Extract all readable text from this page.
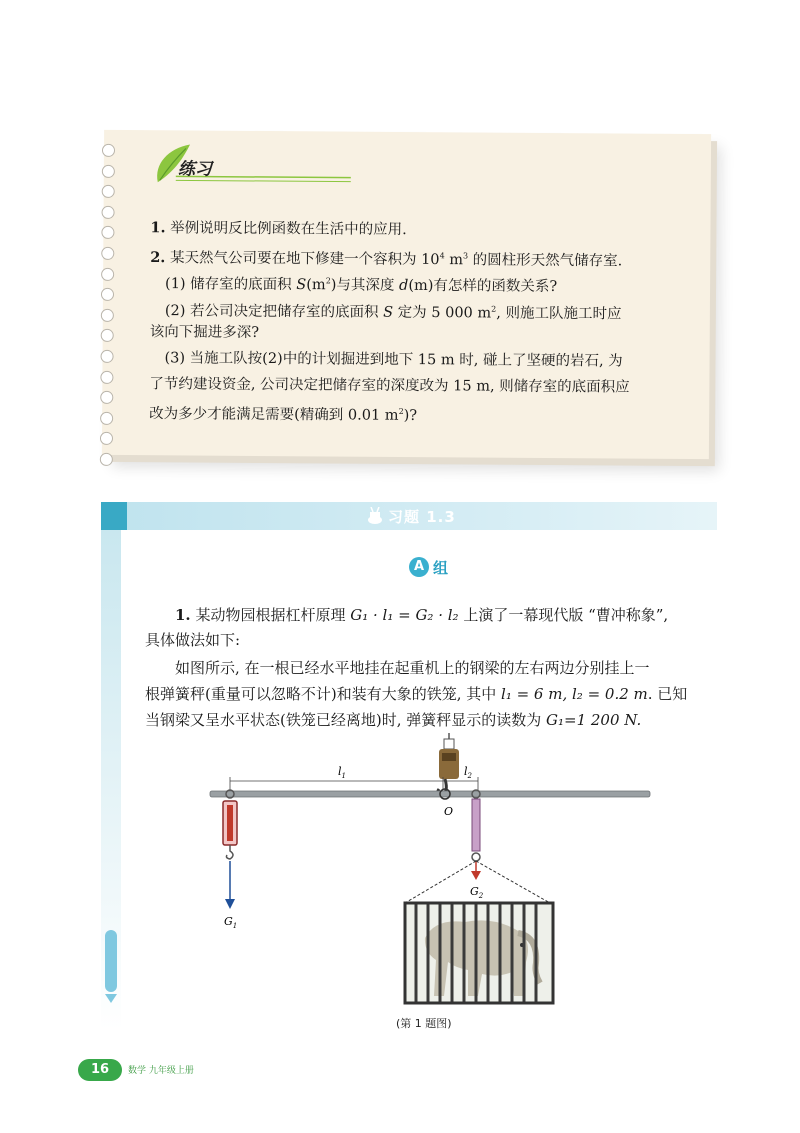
练习
1. 举例说明反比例函数在生活中的应用.
2. 某天然气公司要在地下修建一个容积为 $10^4$ $m^3$ 的圆柱形天然气储存室.
(1) 储存室的底面积 $S(m^2)$与其深度 d(m)有怎样的函数关系?
(2) 若公司决定把储存室的底面积 S 定为 5 000 $m^2$, 则施工队施工时应
该向下掘进多深?
(3) 当施工队按(2)中的计划掘进到地下 15 m 时, 碰上了坚硬的岩石, 为
了节约建设资金, 公司决定把储存室的深度改为 15 m, 则储存室的底面积应
改为多少才能满足需要(精确到 0.01 $m^2$)?
习题 1.3
A 组
1. 某动物园根据杠杆原理 G₁ · l₁ = G₂ · l₂ 上演了一幕现代版 “曹冲称象”,
具体做法如下:
如图所示, 在一根已经水平地挂在起重机上的钢梁的左右两边分别挂上一
根弹簧秤(重量可以忽略不计)和装有大象的铁笼, 其中 l₁ = 6 m, l₂ = 0.2 m. 已知
当钢梁又呈水平状态(铁笼已经离地)时, 弹簧秤显示的读数为 G₁=1 200 N.
$l_1$	$l_2$
O
$G_1$
$G_2$
(第 1 题图)
16	数学 九年级上册
